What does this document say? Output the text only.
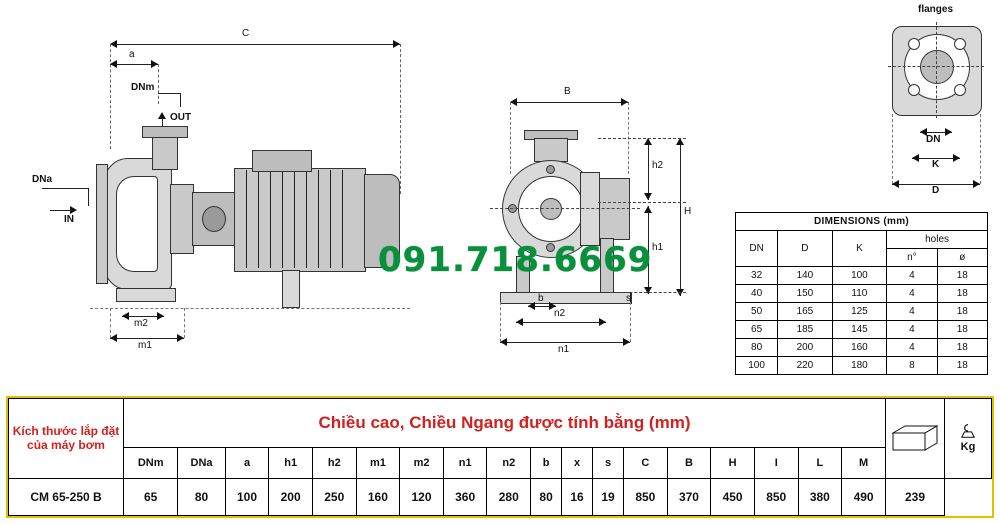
C
a
DNm
OUT
DNa
IN
m2
m1
B
h2
h1
H
b	s
n2
n1
flanges
DN
K
D
091.718.6669
DIMENSIONS (mm)				
DN	D	K	holes	
			n°	ø
32	140	100	4	18
40	150	110	4	18
50	165	125	4	18
65	185	145	4	18
80	200	160	4	18
100	220	180	8	18
Kích thước lắp đặt của máy bơm	Chiều cao, Chiều Ngang được tính bằng (mm)																			Kg

	DNm	DNa	a	h1	h2	m1	m2	n1	n2	b	x	s	C	B	H	I	L	M		
CM 65-250 B	65	80	100	200	250	160	120	360	280	80	16	19	850	370	450	850	380	490	239	
